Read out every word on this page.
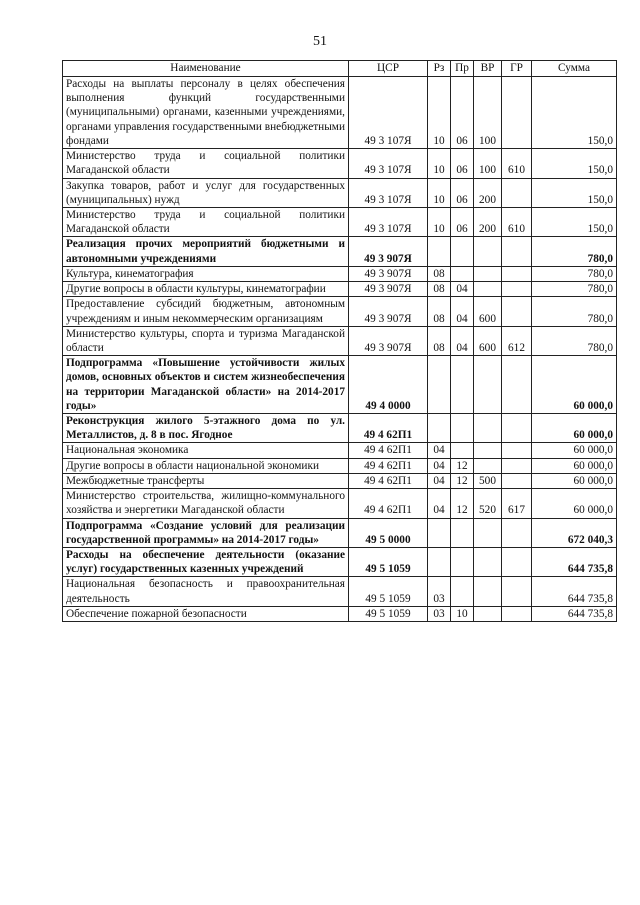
51
Наименование	ЦСР	Рз	Пр	ВР	ГР	Сумма
Расходы на выплаты персоналу в целях обеспечения выполнения функций государственными (муниципальными) органами, казенными учреждениями, органами управления государственными внебюджетными фондами	49 3 107Я	10	06	100		150,0
Министерство труда и социальной политики Магаданской области	49 3 107Я	10	06	100	610	150,0
Закупка товаров, работ и услуг для государственных (муниципальных) нужд	49 3 107Я	10	06	200		150,0
Министерство труда и социальной политики Магаданской области	49 3 107Я	10	06	200	610	150,0
Реализация прочих мероприятий бюджетными и автономными учреждениями	49 3 907Я					780,0
Культура, кинематография	49 3 907Я	08				780,0
Другие вопросы в области культуры, кинематографии	49 3 907Я	08	04			780,0
Предоставление субсидий бюджетным, автономным учреждениям и иным некоммерческим организациям	49 3 907Я	08	04	600		780,0
Министерство культуры, спорта и туризма Магаданской области	49 3 907Я	08	04	600	612	780,0
Подпрограмма «Повышение устойчивости жилых домов, основных объектов и систем жизнеобеспечения на территории Магаданской области» на 2014-2017 годы»	49 4 0000					60 000,0
Реконструкция жилого 5-этажного дома по ул. Металлистов, д. 8 в пос. Ягодное	49 4 62П1					60 000,0
Национальная экономика	49 4 62П1	04				60 000,0
Другие вопросы в области национальной экономики	49 4 62П1	04	12			60 000,0
Межбюджетные трансферты	49 4 62П1	04	12	500		60 000,0
Министерство строительства, жилищно-коммунального хозяйства и энергетики Магаданской области	49 4 62П1	04	12	520	617	60 000,0
Подпрограмма «Создание условий для реализации государственной программы» на 2014-2017 годы»	49 5 0000					672 040,3
Расходы на обеспечение деятельности (оказание услуг) государственных казенных учреждений	49 5 1059					644 735,8
Национальная безопасность и правоохранительная деятельность	49 5 1059	03				644 735,8
Обеспечение пожарной безопасности	49 5 1059	03	10			644 735,8
